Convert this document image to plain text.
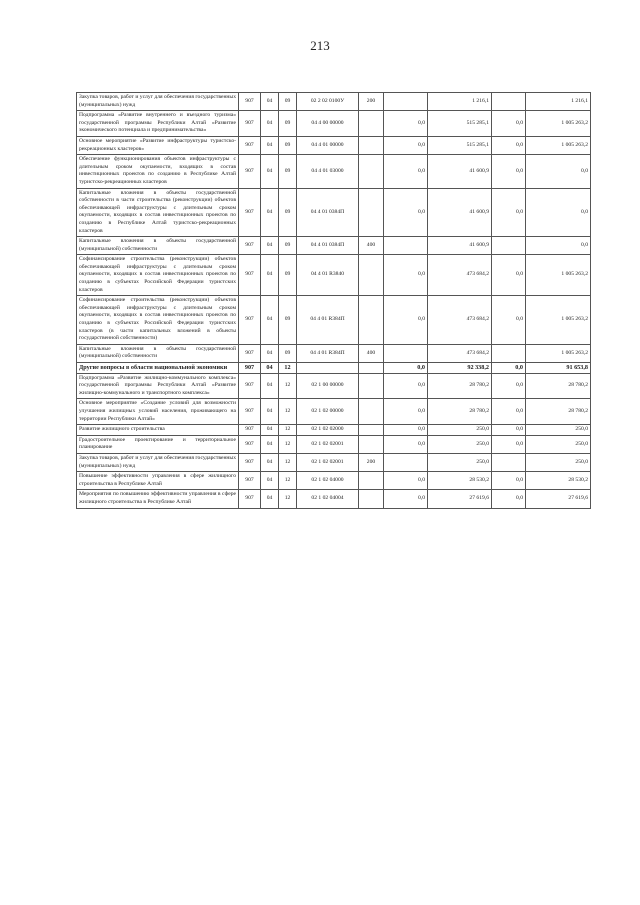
213
Закупка товаров, работ и услуг для обеспечения государственных (муниципальных) нужд	907	04	09	02 2 02 0100У	200		1 216,1		1 216,1
Подпрограмма «Развитие внутреннего и въездного туризма» государственной программы Республики Алтай «Развитие экономического потенциала и предпринимательства»	907	04	09	04 4 00 00000		0,0	515 285,1	0,0	1 005 263,2
Основное мероприятие «Развитие инфраструктуры туристско-рекреационных кластеров»	907	04	09	04 4 01 00000		0,0	515 285,1	0,0	1 005 263,2
Обеспечение функционирования объектов инфраструктуры с длительным сроком окупаемости, входящих в состав инвестиционных проектов по созданию в Республике Алтай туристско-рекреационных кластеров	907	04	09	04 4 01 03000		0,0	41 600,9	0,0	0,0
Капитальные вложения в объекты государственной собственности в части строительства (реконструкции) объектов обеспечивающей инфраструктуры с длительным сроком окупаемости, входящих в состав инвестиционных проектов по созданию в Республике Алтай туристско-рекреационных кластеров	907	04	09	04 4 01 0384П		0,0	41 600,9	0,0	0,0
Капитальные вложения в объекты государственной (муниципальной) собственности	907	04	09	04 4 01 0384П	400		41 600,9		0,0
Софинансирование строительства (реконструкции) объектов обеспечивающей инфраструктуры с длительным сроком окупаемости, входящих в состав инвестиционных проектов по созданию в субъектах Российской Федерации туристских кластеров	907	04	09	04 4 01 R3840		0,0	473 684,2	0,0	1 005 263,2
Софинансирование строительства (реконструкции) объектов обеспечивающей инфраструктуры с длительным сроком окупаемости, входящих в состав инвестиционных проектов по созданию в субъектах Российской Федерации туристских кластеров (в части капитальных вложений в объекты государственной собственности)	907	04	09	04 4 01 R384П		0,0	473 684,2	0,0	1 005 263,2
Капитальные вложения в объекты государственной (муниципальной) собственности	907	04	09	04 4 01 R384П	400		473 684,2		1 005 263,2
Другие вопросы в области национальной экономики	907	04	12			0,0	92 338,2	0,0	91 653,8
Подпрограмма «Развитие жилищно-коммунального комплекса» государственной программы Республики Алтай «Развитие жилищно-коммунального и транспортного комплекса»	907	04	12	02 1 00 00000		0,0	28 780,2	0,0	28 780,2
Основное мероприятие «Создание условий для возможности улучшения жилищных условий населения, проживающего на территории Республики Алтай»	907	04	12	02 1 02 00000		0,0	28 780,2	0,0	28 780,2
Развитие жилищного строительства	907	04	12	02 1 02 02000		0,0	250,0	0,0	250,0
Градостроительное проектирование и территориальное планирование	907	04	12	02 1 02 02001		0,0	250,0	0,0	250,0
Закупка товаров, работ и услуг для обеспечения государственных (муниципальных) нужд	907	04	12	02 1 02 02001	200		250,0		250,0
Повышение эффективности управления в сфере жилищного строительства в Республике Алтай	907	04	12	02 1 02 04000		0,0	28 530,2	0,0	28 530,2
Мероприятия по повышению эффективности управления в сфере жилищного строительства в Республике Алтай	907	04	12	02 1 02 04004		0,0	27 619,6	0,0	27 619,6
